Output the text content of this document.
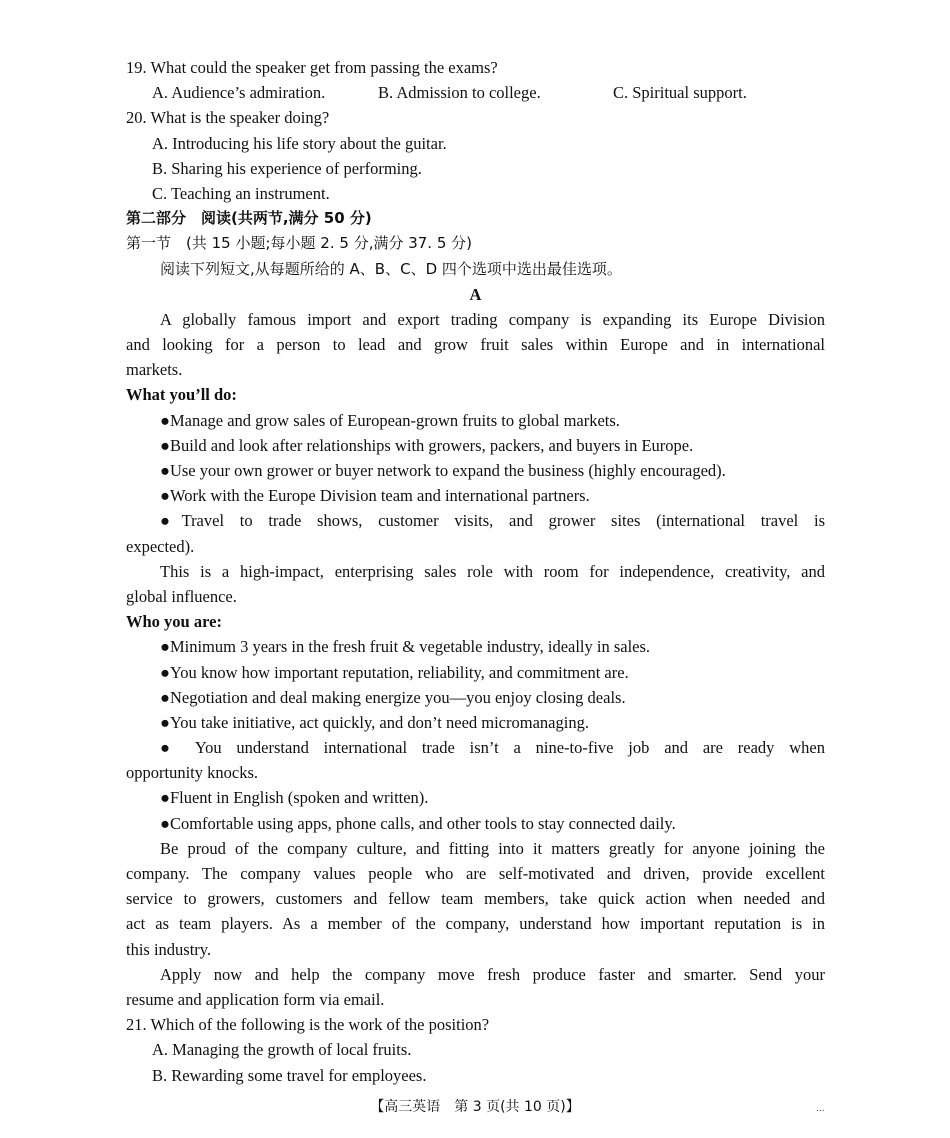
19. What could the speaker get from passing the exams?
A. Audience’s admiration.	B. Admission to college.	C. Spiritual support.
20. What is the speaker doing?
A. Introducing his life story about the guitar.
B. Sharing his experience of performing.
C. Teaching an instrument.
第二部分　阅读(共两节,满分 50 分)
第一节　(共 15 小题;每小题 2. 5 分,满分 37. 5 分)
阅读下列短文,从每题所给的 A、B、C、D 四个选项中选出最佳选项。
A
A globally famous import and export trading company is expanding its Europe Division
and looking for a person to lead and grow fruit sales within Europe and in international
markets.
What you’ll do:
●Manage and grow sales of European-grown fruits to global markets.
●Build and look after relationships with growers, packers, and buyers in Europe.
●Use your own grower or buyer network to expand the business (highly encouraged).
●Work with the Europe Division team and international partners.
●Travel to trade shows, customer visits, and grower sites (international travel is
expected).
This is a high-impact, enterprising sales role with room for independence, creativity, and
global influence.
Who you are:
●Minimum 3 years in the fresh fruit & vegetable industry, ideally in sales.
●You know how important reputation, reliability, and commitment are.
●Negotiation and deal making energize you—you enjoy closing deals.
●You take initiative, act quickly, and don’t need micromanaging.
● You understand international trade isn’t a nine-to-five job and are ready when
opportunity knocks.
●Fluent in English (spoken and written).
●Comfortable using apps, phone calls, and other tools to stay connected daily.
Be proud of the company culture, and fitting into it matters greatly for anyone joining the
company. The company values people who are self-motivated and driven, provide excellent
service to growers, customers and fellow team members, take quick action when needed and
act as team players. As a member of the company, understand how important reputation is in
this industry.
Apply now and help the company move fresh produce faster and smarter. Send your
resume and application form via email.
21. Which of the following is the work of the position?
A. Managing the growth of local fruits.
B. Rewarding some travel for employees.
【高三英语　第 3 页(共 10 页)】	...
